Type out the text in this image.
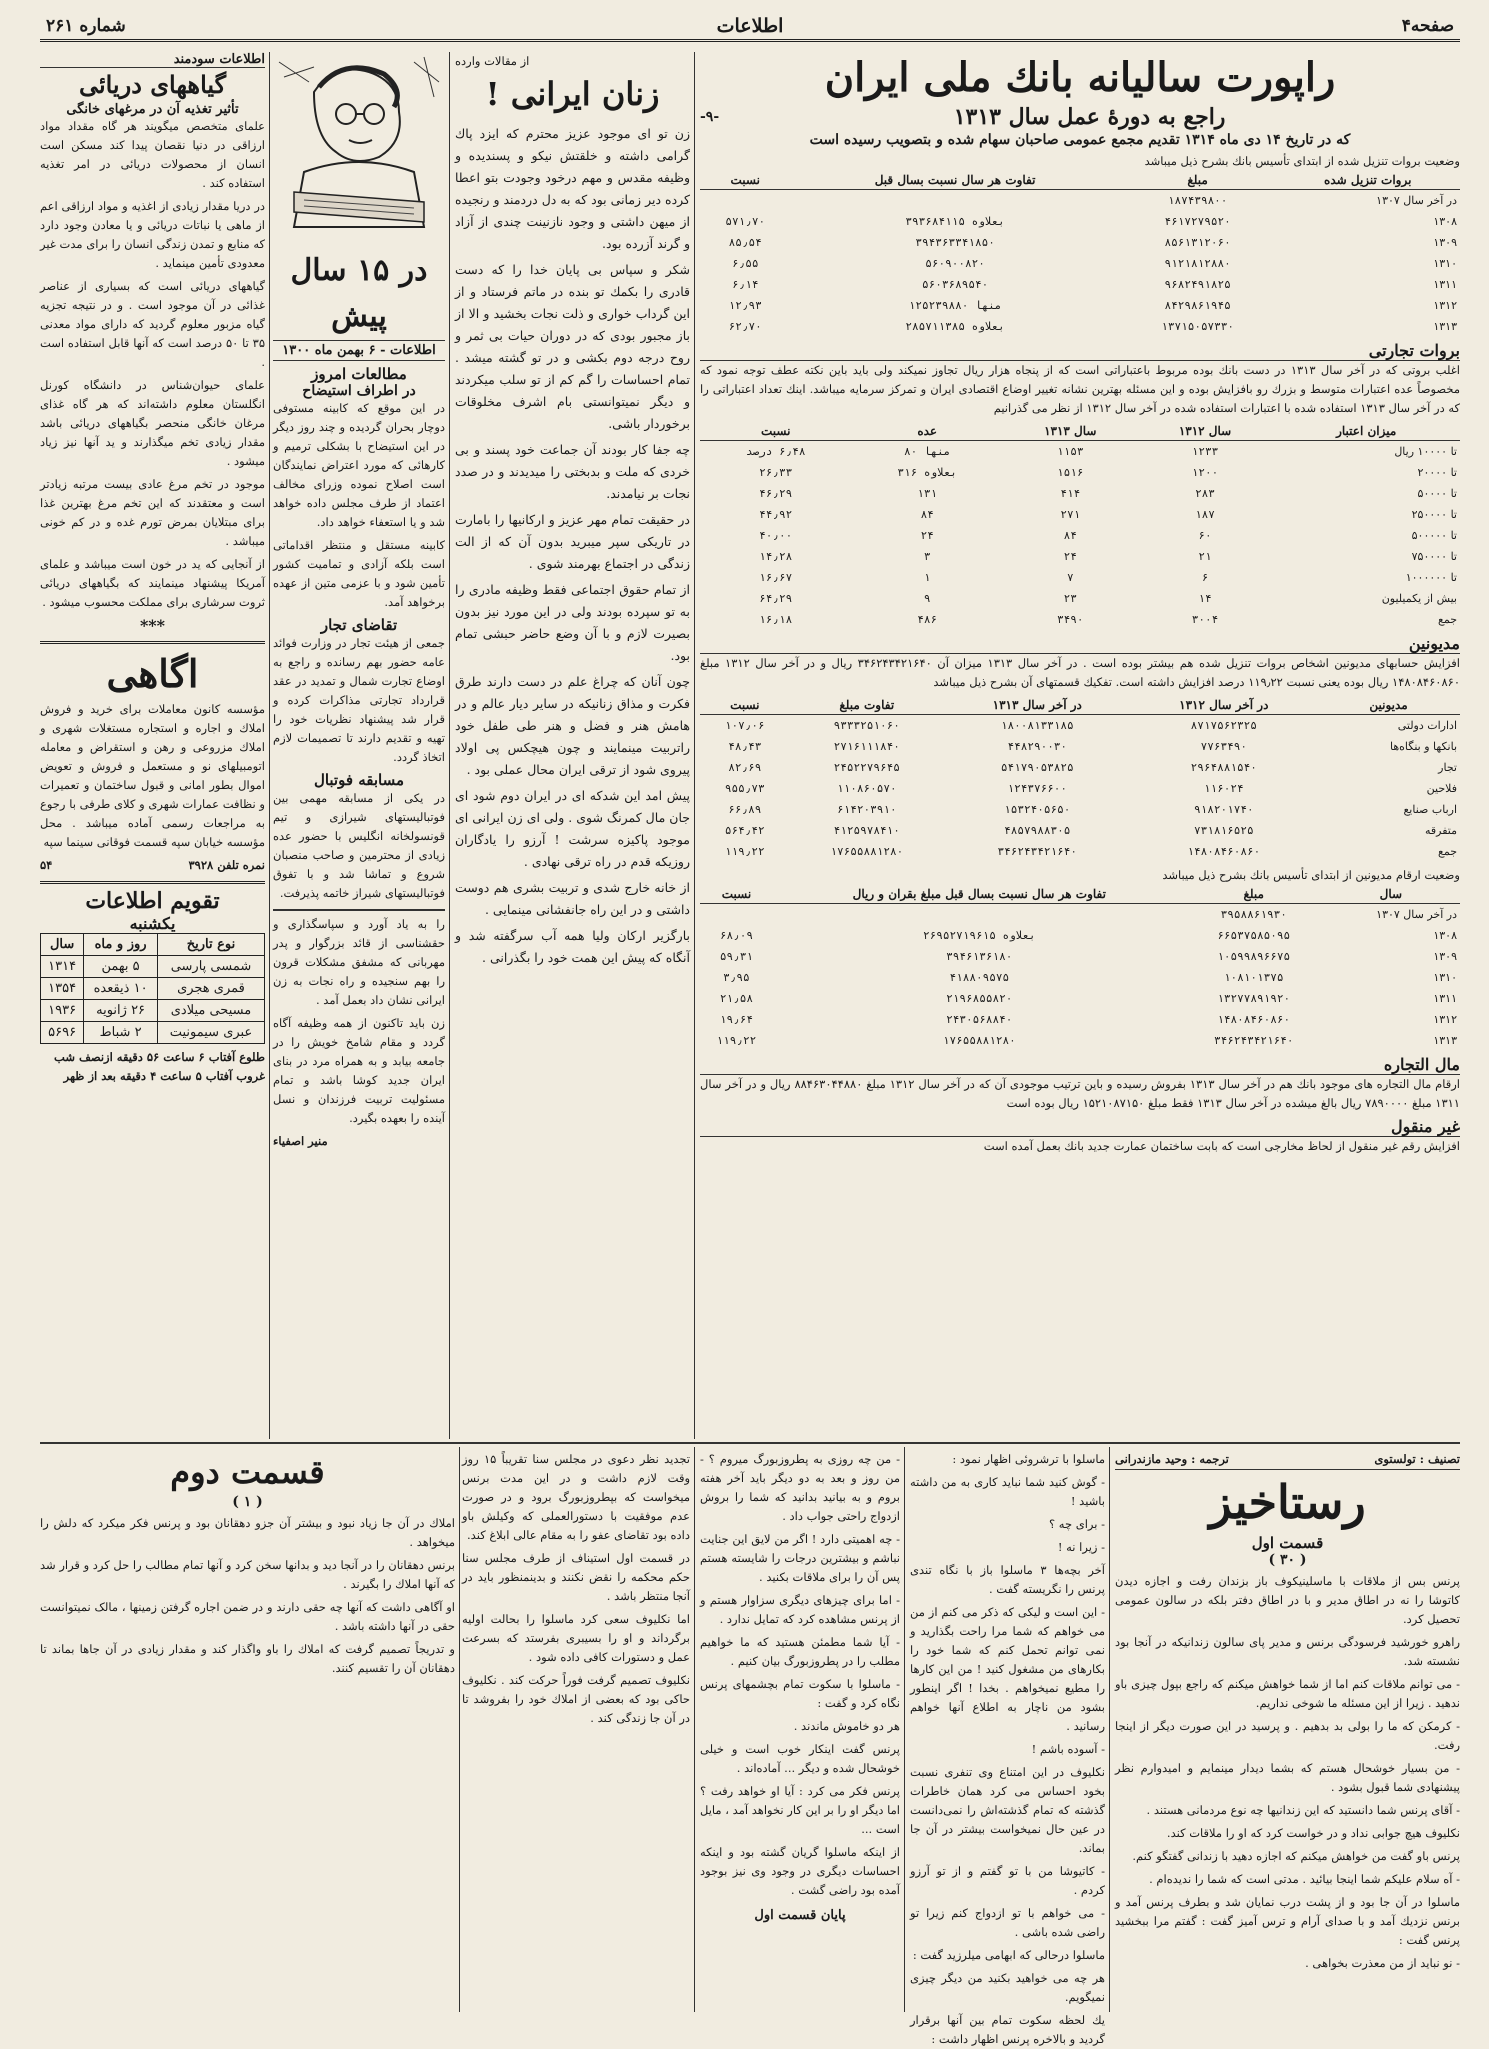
صفحه۴
اطلاعات
شماره ۲۶۱
راپورت سالیانه بانك ملی ایران
راجع به دورهٔ عمل سال ۱۳۱۳
-۹-
که در تاریخ ۱۴ دی ماه ۱۳۱۴ تقدیم مجمع عمومی صاحبان سهام شده و بتصویب رسیده است
وضعیت بروات تنزیل شده از ابتدای تأسیس بانك بشرح ذیل میباشد
بروات تنزیل شده	مبلغ	تفاوت هر سال نسبت بسال قبل	نسبت
در آخر سال ۱۳۰۷	۱۸۷۴۳۹۸۰۰		
۱۳۰۸	۴۶۱۷۲۷۹۵۲۰	بعلاوه ۳۹۳۶۸۴۱۱۵	۵۷۱٫۷۰
۱۳۰۹	۸۵۶۱۳۱۲۰۶۰	۳۹۴۳۶۳۳۴۱۸۵۰	۸۵٫۵۴
۱۳۱۰	۹۱۲۱۸۱۲۸۸۰	۵۶۰۹۰۰۸۲۰	۶٫۵۵
۱۳۱۱	۹۶۸۲۴۹۱۸۲۵	۵۶۰۳۶۸۹۵۴۰	۶٫۱۴
۱۳۱۲	۸۴۲۹۸۶۱۹۴۵	منها ۱۲۵۲۳۹۸۸۰	۱۲٫۹۳
۱۳۱۳	۱۳۷۱۵۰۵۷۳۳۰	بعلاوه ۲۸۵۷۱۱۳۸۵	۶۲٫۷۰
بروات تجارتی
اغلب بروتی که در آخر سال ۱۳۱۳ در دست بانك بوده مربوط باعتباراتی است که از پنجاه هزار ریال تجاوز نمیکند ولی باید باین نکته عطف توجه نمود که مخصوصاً عده اعتبارات متوسط و بزرك رو بافزایش بوده و این مسئله بهترین نشانه تغییر اوضاع اقتصادی ایران و تمرکز سرمایه میباشد. اینك تعداد اعتباراتی را که در آخر سال ۱۳۱۳ استفاده شده با اعتبارات استفاده شده در آخر سال ۱۳۱۲ از نظر می گذرانیم
میزان اعتبار	سال ۱۳۱۲	سال ۱۳۱۳	عده	نسبت
تا ۱۰۰۰۰ ریال	۱۲۳۳	۱۱۵۳	منها ۸۰	۶٫۴۸ درصد
تا ۲۰۰۰۰	۱۲۰۰	۱۵۱۶	بعلاوه ۳۱۶	۲۶٫۳۳
تا ۵۰۰۰۰	۲۸۳	۴۱۴	۱۳۱	۴۶٫۲۹
تا ۲۵۰۰۰۰	۱۸۷	۲۷۱	۸۴	۴۴٫۹۲
تا ۵۰۰۰۰۰	۶۰	۸۴	۲۴	۴۰٫۰۰
تا ۷۵۰۰۰۰	۲۱	۲۴	۳	۱۴٫۲۸
تا ۱۰۰۰۰۰۰	۶	۷	۱	۱۶٫۶۷
بیش از یکمیلیون	۱۴	۲۳	۹	۶۴٫۲۹
جمع	۳۰۰۴	۳۴۹۰	۴۸۶	۱۶٫۱۸
مدیونین
افزایش حسابهای مدیونین اشخاص بروات تنزیل شده هم بیشتر بوده است . در آخر سال ۱۳۱۳ میزان آن ۳۴۶۲۴۳۴۲۱۶۴۰ ریال و در آخر سال ۱۳۱۲ مبلغ ۱۴۸۰۸۴۶۰۸۶۰ ریال بوده یعنی نسبت ۱۱۹٫۲۲ درصد افزایش داشته است. تفکیك قسمتهای آن بشرح ذیل میباشد
مدیونین	در آخر سال ۱۳۱۲	در آخر سال ۱۳۱۳	تفاوت مبلغ	نسبت
ادارات دولتی	۸۷۱۷۵۶۲۳۲۵	۱۸۰۰۸۱۳۳۱۸۵	۹۳۳۳۲۵۱۰۶۰	۱۰۷٫۰۶
بانکها و بنگاه‌ها	۷۷۶۳۴۹۰	۴۴۸۲۹۰۰۳۰	۲۷۱۶۱۱۱۸۴۰	۴۸٫۴۳
تجار	۲۹۶۴۸۸۱۵۴۰	۵۴۱۷۹۰۵۳۸۲۵	۲۴۵۲۲۷۹۶۴۵	۸۲٫۶۹
فلاحین	۱۱۶۰۲۴	۱۲۴۳۷۶۶۰۰	۱۱۰۸۶۰۵۷۰	۹۵۵٫۷۳
ارباب صنایع	۹۱۸۲۰۱۷۴۰	۱۵۳۲۴۰۵۶۵۰	۶۱۴۲۰۳۹۱۰	۶۶٫۸۹
متفرقه	۷۳۱۸۱۶۵۲۵	۴۸۵۷۹۸۸۳۰۵	۴۱۲۵۹۷۸۴۱۰	۵۶۴٫۴۲
جمع	۱۴۸۰۸۴۶۰۸۶۰	۳۴۶۲۴۳۴۲۱۶۴۰	۱۷۶۵۵۸۸۱۲۸۰	۱۱۹٫۲۲
وضعیت ارقام مدیونین از ابتدای تأسیس بانك بشرح ذیل میباشد
سال	مبلغ	تفاوت هر سال نسبت بسال قبل مبلغ بقران و ریال	نسبت
در آخر سال ۱۳۰۷	۳۹۵۸۸۶۱۹۳۰		
۱۳۰۸	۶۶۵۳۷۵۸۵۰۹۵	بعلاوه ۲۶۹۵۲۷۱۹۶۱۵	۶۸٫۰۹
۱۳۰۹	۱۰۵۹۹۸۹۶۶۷۵	۳۹۴۶۱۳۶۱۸۰	۵۹٫۳۱
۱۳۱۰	۱۰۸۱۰۱۳۷۵	۴۱۸۸۰۹۵۷۵	۳٫۹۵
۱۳۱۱	۱۳۲۷۷۸۹۱۹۲۰	۲۱۹۶۸۵۵۸۲۰	۲۱٫۵۸
۱۳۱۲	۱۴۸۰۸۴۶۰۸۶۰	۲۴۳۰۵۶۸۸۴۰	۱۹٫۶۴
۱۳۱۳	۳۴۶۲۴۳۴۲۱۶۴۰	۱۷۶۵۵۸۸۱۲۸۰	۱۱۹٫۲۲
مال التجاره
ارقام مال التجاره های موجود بانك هم در آخر سال ۱۳۱۳ بفروش رسیده و باین ترتیب موجودی آن که در آخر سال ۱۳۱۲ مبلغ ۸۸۴۶۳۰۴۴۸۸۰ ریال و در آخر سال ۱۳۱۱ مبلغ ۷۸۹۰۰۰۰ ریال بالغ میشده در آخر سال ۱۳۱۳ فقط مبلغ ۱۵۲۱۰۸۷۱۵۰ ریال بوده است
غیر منقول
افزایش رقم غیر منقول از لحاظ مخارجی است که بابت ساختمان عمارت جدید بانك بعمل آمده است
از مقالات وارده
زنان ایرانی !
زن تو ای موجود عزیز محترم که ایزد پاك گرامی داشته و خلقتش نیکو و پسندیده و وظیفه مقدس و مهم درخود وجودت بتو اعطا کرده دیر زمانی بود که به دل دردمند و رنجیده از میهن داشتی و وجود نازنینت چندی از آزاد و گرند آزرده بود.
شکر و سپاس بی پایان خدا را که دست قادری را بکمك تو بنده در ماتم فرستاد و از این گرداب خواری و ذلت نجات بخشید و الا از باز مجبور بودی که در دوران حیات بی ثمر و روح درجه دوم بکشی و در تو گشته میشد . تمام احساسات را گم کم از تو سلب میکردند و دیگر نمیتوانستی بام اشرف مخلوقات برخوردار باشی.
چه جفا کار بودند آن جماعت خود پسند و بی خردی که ملت و بدبختی را میدیدند و در صدد نجات بر نیامدند.
در حقیقت تمام مهر عزیز و ارکانیها را بامارت در تاریکی سپر میبرید بدون آن که از الت زندگی در اجتماع بهرمند شوی .
از تمام حقوق اجتماعی فقط وظیفه مادری را به تو سپرده بودند ولی در این مورد نیز بدون بصیرت لازم و با آن وضع حاضر حبشی تمام بود.
چون آنان که چراغ علم در دست دارند طرق فکرت و مذاق زنانیکه در سایر دیار عالم و در هامش هنر و فضل و هنر طی طفل خود راتربیت مینمایند و چون هیچکس پی اولاد پیروی شود از ترقی ایران محال عملی بود .
پیش امد این شدکه ای در ایران دوم شود ای جان مال کمرنگ شوی . ولی ای زن ایرانی ای موجود پاکیزه سرشت ! آرزو را یادگاران روزیکه قدم در راه ترقی نهادی .
از خانه خارج شدی و تربیت بشری هم دوست داشتی و در این راه جانفشانی مینمایی .
بارگزیر ارکان ولیا همه آب سرگفته شد و آنگاه که پیش این همت خود را بگذرانی .
در ۱۵ سال پیش
اطلاعات - ۶ بهمن ماه ۱۳۰۰
مطالعات امروز
در اطراف استیضاح
در این موقع که کابینه مستوفی دوچار بحران گردیده و چند روز دیگر در این استیضاح با بشکلی ترمیم و کارهائی که مورد اعتراض نمایندگان است اصلاح نموده وزرای مخالف اعتماد از طرف مجلس داده خواهد شد و یا استعفاء خواهد داد.
کابینه مستقل و منتظر اقداماتی است بلکه آزادی و تمامیت کشور تأمین شود و با عزمی متین از عهده برخواهد آمد.
تقاضای تجار
جمعی از هیئت تجار در وزارت فوائد عامه حضور بهم رسانده و راجع به اوضاع تجارت شمال و تمدید در عقد قرارداد تجارتی مذاکرات کرده و قرار شد پیشنهاد نظریات خود را تهیه و تقدیم دارند تا تصمیمات لازم اتخاذ گردد.
مسابقه فوتبال
در یکی از مسابقه مهمی بین فوتبالیستهای شیرازی و تیم قونسولخانه انگلیس با حضور عده زیادی از محترمین و صاحب منصبان شروع و تماشا شد و با تفوق فوتبالیستهای شیراز خاتمه پذیرفت.
را به یاد آورد و سپاسگذاری و حقشناسی از قائد بزرگوار و پدر مهربانی که مشفق مشکلات قرون را بهم سنجیده و راه نجات به زن ایرانی نشان داد بعمل آمد .
زن باید تاکنون از همه وظیفه آگاه گردد و مقام شامخ خویش را در جامعه بیابد و به همراه مرد در بنای ایران جدید کوشا باشد و تمام مسئولیت تربیت فرزندان و نسل آینده را بعهده بگیرد.
منیر اصفیاء
اطلاعات سودمند
گیاههای دریائی
تأثیر تغذیه آن در مرغهای خانگی
علمای متخصص میگویند هر گاه مقداد مواد ارزاقی در دنیا نقصان پیدا کند مسکن است انسان از محصولات دریائی در امر تغذیه استفاده کند .
در دریا مقدار زیادی از اغذیه و مواد ارزاقی اعم از ماهی یا نباتات دریائی و یا معادن وجود دارد که منابع و تمدن زندگی انسان را برای مدت غیر معدودی تأمین مینماید .
گیاههای دریائی است که بسیاری از عناصر غذائی در آن موجود است . و در نتیجه تجزیه گیاه مزبور معلوم گردید که دارای مواد معدنی ۳۵ تا ۵۰ درصد است که آنها قابل استفاده است .
علمای حیوان‌شناس در دانشگاه کورنل انگلستان معلوم داشته‌اند که هر گاه غذای مرغان خانگی منحصر بگیاههای دریائی باشد مقدار زیادی تخم میگذارند و ید آنها نیز زیاد میشود .
موجود در تخم مرغ عادی بیست مرتبه زیادتر است و معتقدند که این تخم مرغ بهترین غذا برای مبتلایان بمرض تورم غده و در کم خونی میباشد .
از آنجایی که ید در خون است میباشد و علمای آمریکا پیشنهاد مینمایند که بگیاههای دریائی ثروت سرشاری برای مملکت محسوب میشود .
***
اگاهی
مؤسسه کانون معاملات برای خرید و فروش املاك و اجاره و استجاره مستغلات شهری و املاك مزروعی و رهن و استقراض و معامله اتومبیلهای نو و مستعمل و فروش و تعویض اموال بطور امانی و قبول ساختمان و تعمیرات و نظافت عمارات شهری و کلای طرفی با رجوع به مراجعات رسمی آماده میباشد . محل مؤسسه خیابان سپه قسمت فوقانی سینما سپه
نمره تلفن ۳۹۲۸
۵۴
تقویم اطلاعات
یکشنبه
نوع تاریخ	روز و ماه	سال
شمسی پارسی	۵ بهمن	۱۳۱۴
قمری هجری	۱۰ ذیقعده	۱۳۵۴
مسیحی میلادی	۲۶ ژانویه	۱۹۳۶
عبری سیمونیت	۲ شباط	۵۶۹۶
طلوع آفتاب ۶ ساعت ۵۶ دقیقه ازنصف شب
غروب آفتاب ۵ ساعت ۴ دقیقه بعد از ظهر
تصنیف : تولستوی
ترجمه : وحید مازندرانی
رستاخیز
قسمت اول
( ۳۰ )
پرنس بس از ملاقات با ماسلینیکوف باز بزندان رفت و اجازه دیدن کاتوشا را نه در اطاق مدیر و با در اطاق دفتر بلکه در سالون عمومی تحصیل کرد.
راهرو خورشید فرسودگی برنس و مدیر پای سالون زندانیکه در آنجا بود نشسته شد.
- می توانم ملاقات کنم اما از شما خواهش میکنم که راجع بپول چیزی باو ندهید . زیرا از این مسئله ما شوخی نداریم.
- کرمکن که ما را بولی بد بدهیم . و پرسید در این صورت دیگر از اینجا رفت.
- من بسیار خوشحال هستم که بشما دیدار مینمایم و امیدوارم نظر پیشنهادی شما قبول بشود .
- آقای پرنس شما دانستید که این زندانیها چه نوع مردمانی هستند .
نکلیوف هیچ جوابی نداد و در خواست کرد که او را ملاقات کند.
پرنس باو گفت من خواهش میکنم که اجازه دهید با زندانی گفتگو کنم.
- آه سلام علیکم شما اینجا بیائید . مدتی است که شما را ندیده‌ام .
ماسلوا در آن جا بود و از پشت درب نمایان شد و بطرف پرنس آمد و برنس نزدیك آمد و با صدای آرام و ترس آمیز گفت : گفتم مرا ببخشید پرنس گفت :
- نو نباید از من معذرت بخواهی .
ماسلوا با ترشروئی اظهار نمود :
- گوش کنید شما نباید کاری به من داشته باشید !
- برای چه ؟
- زیرا نه !
آخر بچه‌ها ۳ ماسلوا باز با نگاه تندی پرنس را نگریسته گفت .
- این است و لیکی که ذکر می کنم از من می خواهم که شما مرا راحت بگذارید و نمی توانم تحمل کنم که شما خود را بکارهای من مشغول کنید ! من این کارها را مطیع نمیخواهم . بخدا ! اگر اینطور بشود من ناچار به اطلاع آنها خواهم رسانید .
- آسوده باشم !
نکلیوف در این امتناع وی تنفری نسبت بخود احساس می کرد همان خاطرات گذشته که تمام گذشته‌اش را نمی‌دانست در عین حال نمیخواست بیشتر در آن جا بماند.
- کاتیوشا من با تو گفتم و از تو آرزو کردم .
- می خواهم با تو ازدواج کنم زیرا تو راضی شده باشی .
ماسلوا درحالی که ابهامی میلرزید گفت :
هر چه می خواهید بکنید من دیگر چیزی نمیگویم.
یك لحظه سکوت تمام بین آنها برقرار گردید و بالاخره پرنس اظهار داشت :
- من چه روزی به پطروزبورگ میروم ؟ - من روز و بعد به دو دیگر باید آخر هفته بروم و به بیانید بدانید که شما را بروش ازدواج راحتی جواب داد .
- چه اهمیتی دارد ! اگر من لایق این جنایت نباشم و بیشترین درجات را شایسته هستم پس آن را برای ملاقات بکنید .
- اما برای چیزهای دیگری سزاوار هستم و از پرنس مشاهده کرد که تمایل ندارد .
- آیا شما مطمئن هستید که ما خواهیم مطلب را در پطروزبورگ بیان کنیم .
- ماسلوا با سکوت تمام بچشمهای پرنس نگاه کرد و گفت :
هر دو خاموش ماندند .
پرنس گفت اینکار خوب است و خیلی خوشحال شده و دیگر ... آماده‌اند .
پرنس فکر می کرد : آیا او خواهد رفت ؟ اما دیگر او را بر این کار نخواهد آمد ، مایل است ...
از اینکه ماسلوا گریان گشته بود و اینکه احساسات دیگری در وجود وی نیز بوجود آمده بود راضی گشت .
پایان قسمت اول
تجدید نظر دعوی در مجلس سنا تقریباً ۱۵ روز وقت لازم داشت و در این مدت برنس میخواست که بپطروزبورگ برود و در صورت عدم موفقیت با دستورالعملی که وکیلش باو داده بود تقاضای عفو را به مقام عالی ابلاغ کند.
در قسمت اول استیناف از طرف مجلس سنا حکم محکمه را نقض نکنند و بدینمنظور باید در آنجا منتظر باشد .
اما نکلیوف سعی کرد ماسلوا را بحالت اولیه برگرداند و او را بسیبری بفرستد که بسرعت عمل و دستورات کافی داده شود .
نکلیوف تصمیم گرفت فوراً حرکت کند . نکلیوف حاکی بود که بعضی از املاك خود را بفروشد تا در آن جا زندگی کند .
قسمت دوم
( ۱ )
املاك در آن جا زیاد نبود و بیشتر آن جزو دهقانان بود و پرنس فکر میکرد که دلش را میخواهد .
برنس دهقانان را در آنجا دید و بدانها سخن کرد و آنها تمام مطالب را حل کرد و قرار شد که آنها املاك را بگیرند .
او آگاهی داشت که آنها چه حقی دارند و در ضمن اجاره گرفتن زمینها ، مالک نمیتوانست حقی در آنها داشته باشد .
و تدریجاً تصمیم گرفت که املاك را باو واگذار کند و مقدار زیادی در آن جاها بماند تا دهقانان آن را تقسیم کنند.
